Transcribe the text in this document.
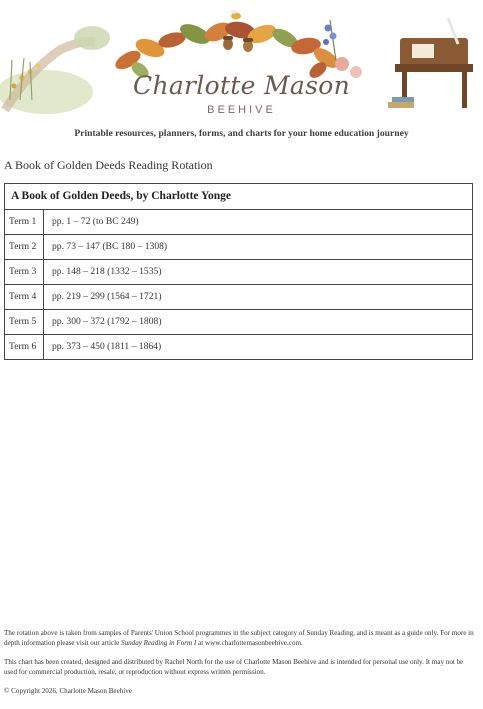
Charlotte Mason
BEEHIVE
Printable resources, planners, forms, and charts for your home education journey
A Book of Golden Deeds Reading Rotation
A Book of Golden Deeds, by Charlotte Yonge
Term 1	pp. 1 – 72 (to BC 249)
Term 2	pp. 73 – 147 (BC 180 – 1308)
Term 3	pp. 148 – 218 (1332 – 1535)
Term 4	pp. 219 – 299 (1564 – 1721)
Term 5	pp. 300 – 372 (1792 – 1808)
Term 6	pp. 373 – 450 (1811 – 1864)
The rotation above is taken from samples of Parents' Union School programmes in the subject category of Sunday Reading, and is meant as a guide only. For more in depth information please visit our article Sunday Reading in Form I at www.charlottemasonbeehive.com.
This chart has been created, designed and distributed by Rachel North for the use of Charlotte Mason Beehive and is intended for personal use only. It may not be used for commercial production, resale, or reproduction without express written permission.
© Copyright 2026, Charlotte Mason Beehive
